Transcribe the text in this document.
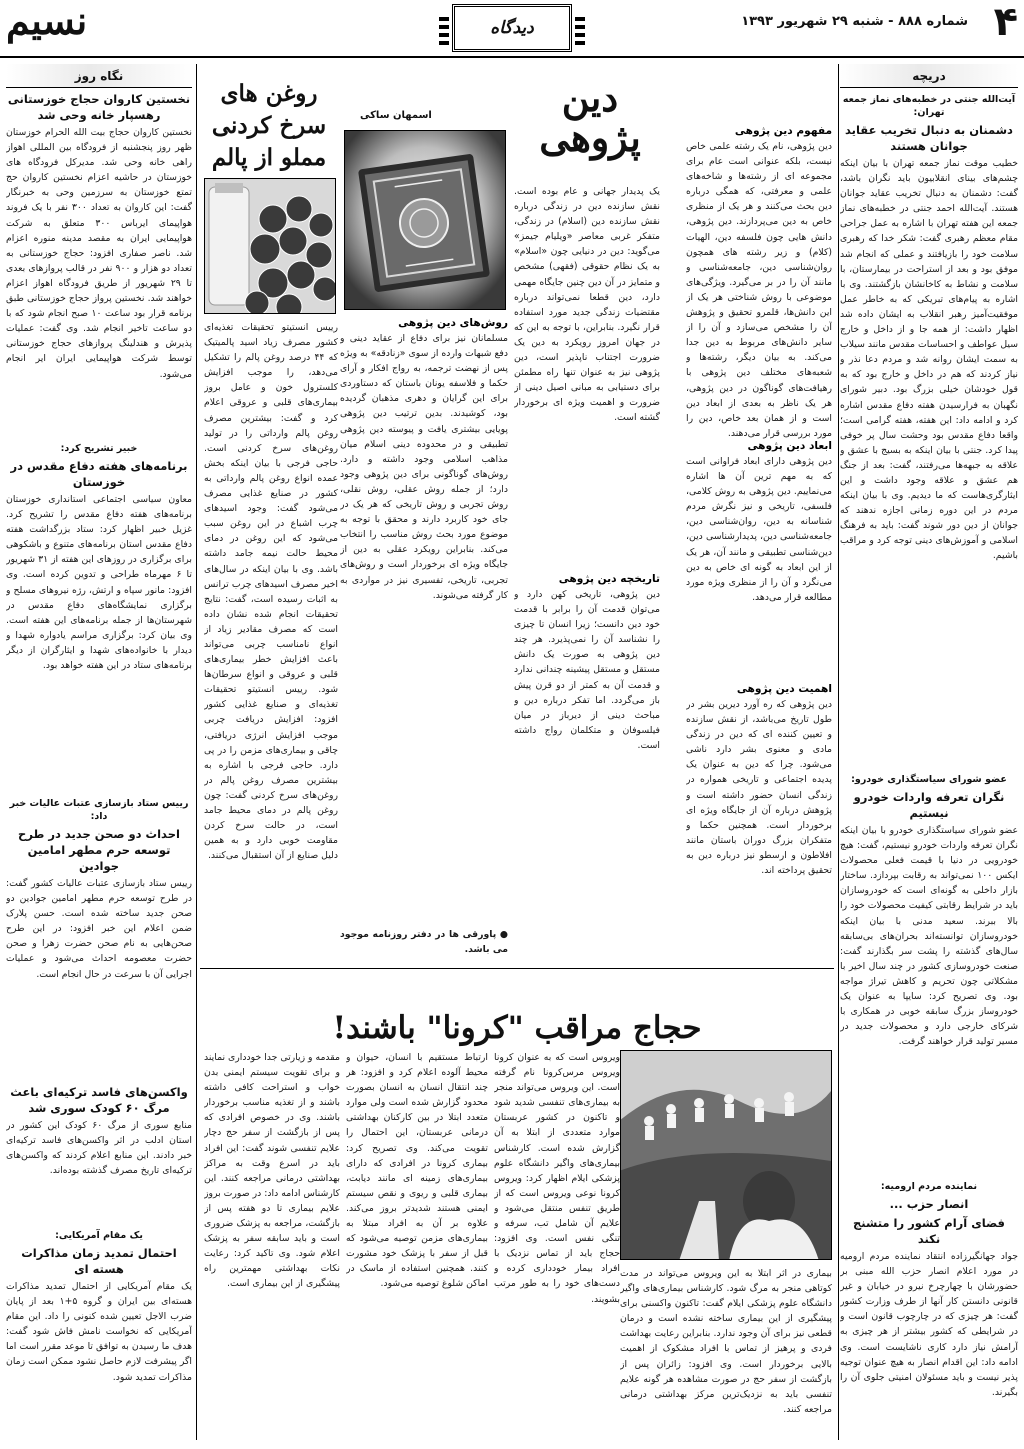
۴
شماره ۸۸۸ - شنبه ۲۹ شهریور ۱۳۹۳
دیدگاه
نسیم
دریچه
آیت‌الله جنتی در خطبه‌های نماز جمعه تهران:
دشمنان به دنبال تخریب عقاید جوانان هستند
خطیب موقت نماز جمعه تهران با بیان اینکه چشم‌های بینای انقلابیون باید نگران باشد، گفت: دشمنان به دنبال تخریب عقاید جوانان هستند. آیت‌الله احمد جنتی در خطبه‌های نماز جمعه این هفته تهران با اشاره به عمل جراحی مقام معظم رهبری گفت: شکر خدا که رهبری سلامت خود را بازیافتند و عملی که انجام شد موفق بود و بعد از استراحت در بیمارستان، با سلامت و نشاط به کاخانشان بازگشتند. وی با اشاره به پیام‌های تبریکی که به خاطر عمل موفقیت‌آمیز رهبر انقلاب به ایشان داده شد اظهار داشت: از همه جا و از داخل و خارج سیل عواطف و احساسات مقدس مانند سیلاب به سمت ایشان روانه شد و مردم دعا نذر و نیاز کردند که هم در داخل و خارج بود که به قول خودشان خیلی بزرگ بود. دبیر شورای نگهبان به فرارسیدن هفته دفاع مقدس اشاره کرد و ادامه داد: این هفته، هفته گرامی است؛ واقعا دفاع مقدس بود وحشت سال پر خوفی پیدا کرد. جنتی با بیان اینکه به بسیج با عشق و علاقه به جبهه‌ها می‌رفتند، گفت: بعد از جنگ هم عشق و علاقه وجود داشت و این ایثارگری‌هاست که ما دیدیم. وی با بیان اینکه مردم در این دوره زمانی اجازه ندهند که جوانان از دین دور شوند گفت: باید به فرهنگ اسلامی و آموزش‌های دینی توجه کرد و مراقب باشیم.
عضو شورای سیاستگذاری خودرو:
نگران تعرفه واردات خودرو نیستیم
عضو شورای سیاستگذاری خودرو با بیان اینکه نگران تعرفه واردات خودرو نیستیم، گفت: هیچ خودرویی در دنیا با قیمت فعلی محصولات ایکس ۱۰۰ نمی‌تواند به رقابت بپردازد. ساختار بازار داخلی به گونه‌ای است که خودروسازان باید در شرایط رقابتی کیفیت محصولات خود را بالا ببرند. سعید مدنی با بیان اینکه خودروسازان توانسته‌اند بحران‌های بی‌سابقه سال‌های گذشته را پشت سر بگذارند گفت: صنعت خودروسازی کشور در چند سال اخیر با مشکلاتی چون تحریم و کاهش تیراژ مواجه بود. وی تصریح کرد: سایپا به عنوان یک خودروساز بزرگ سابقه خوبی در همکاری با شرکای خارجی دارد و محصولات جدید در مسیر تولید قرار خواهند گرفت.
نماینده مردم ارومیه:
انصار حزب ...
فضای آرام کشور را متشنج نکند
جواد جهانگیرزاده انتقاد نماینده مردم ارومیه در مورد اعلام انصار حزب الله مبنی بر حضورشان با چهارچرخ نیرو در خیابان و غیر قانونی دانستن کار آنها از طرف وزارت کشور گفت: هر چیزی که در چارچوب قانون است و در شرایطی که کشور بیشتر از هر چیزی به آرامش نیاز دارد کاری ناشایست است. وی ادامه داد: این اقدام انصار به هیچ عنوان توجیه پذیر نیست و باید مسئولان امنیتی جلوی آن را بگیرند.
دین پژوهی
اسمهان ساکی
مفهوم دین پژوهی
دین پژوهی، نام یک رشته علمی خاص نیست، بلکه عنوانی است عام برای مجموعه ای از رشته‌ها و شاخه‌های علمی و معرفتی، که همگی درباره دین بحث می‌کنند و هر یک از منظری خاص به دین می‌پردازند. دین پژوهی، دانش هایی چون فلسفه دین، الهیات (کلام) و زیر رشته های همچون روان‌شناسی دین، جامعه‌شناسی و مانند آن را در بر می‌گیرد. ویژگی‌های موضوعی با روش شناختی هر یک از این دانش‌ها، قلمرو تحقیق و پژوهش آن را مشخص می‌سازد و آن را از سایر دانش‌های مربوط به دین جدا می‌کند. به بیان دیگر، رشته‌ها و شعبه‌های مختلف دین پژوهی با رهیافت‌های گوناگون در دین پژوهی، هر یک ناظر به بعدی از ابعاد دین است و از همان بعد خاص، دین را مورد بررسی قرار می‌دهند.
ابعاد دین پژوهی
دین پژوهی دارای ابعاد فراوانی است که به مهم ترین آن ها اشاره می‌نماییم. دین پژوهی به روش کلامی، فلسفی، تاریخی و نیز نگرش مردم شناسانه به دین، روان‌شناسی دین، جامعه‌شناسی دین، پدیدارشناسی دین، دین‌شناسی تطبیقی و مانند آن، هر یک از این ابعاد به گونه ای خاص به دین می‌نگرد و آن را از منظری ویژه مورد مطالعه قرار می‌دهد.
اهمیت دین پژوهی
دین پژوهی که ره آورد دیرین بشر در طول تاریخ می‌باشد، از نقش سازنده و تعیین کننده ای که دین در زندگی مادی و معنوی بشر دارد ناشی می‌شود. چرا که دین به عنوان یک پدیده اجتماعی و تاریخی همواره در زندگی انسان حضور داشته است و پژوهش درباره آن از جایگاه ویژه ای برخوردار است. همچنین حکما و متفکران بزرگ دوران باستان مانند افلاطون و ارسطو نیز درباره دین به تحقیق پرداخته اند.
یک پدیدار جهانی و عام بوده است. نقش سازنده دین در زندگی درباره نقش سازنده دین (اسلام) در زندگی، متفکر غربی معاصر «ویلیام جیمز» می‌گوید: دین در دنیایی چون «اسلام» به یک نظام حقوقی (فقهی) مشخص و متمایز در آن دین چنین جایگاه مهمی دارد، دین قطعا نمی‌تواند درباره مقتضیات زندگی جدید مورد استفاده قرار نگیرد. بنابراین، با توجه به این که در جهان امروز رویکرد به دین یک ضرورت اجتناب ناپذیر است، دین پژوهی نیز به عنوان تنها راه مطمئن برای دستیابی به مبانی اصیل دینی از ضرورت و اهمیت ویژه ای برخوردار گشته است.
تاریخچه دین پژوهی
دین پژوهی، تاریخی کهن دارد و می‌توان قدمت آن را برابر با قدمت خود دین دانست؛ زیرا انسان تا چیزی را نشناسد آن را نمی‌پذیرد. هر چند دین پژوهی به صورت یک دانش مستقل و مستقل پیشینه چندانی ندارد و قدمت آن به کمتر از دو قرن پیش باز می‌گردد. اما تفکر درباره دین و مباحث دینی از دیرباز در میان فیلسوفان و متکلمان رواج داشته است.
روش‌های دین پژوهی
مسلمانان نیز برای دفاع از عقاید دینی و دفع شبهات وارده از سوی «زنادقه» به ویژه پس از نهضت ترجمه، به رواج افکار و آرای حکما و فلاسفه یونان باستان که دستاوردی برای این گرایان و دهری مذهبان گردیده بود، کوشیدند. بدین ترتیب دین پژوهی پویایی بیشتری یافت و پیوسته دین پژوهی تطبیقی و در محدوده دینی اسلام میان مذاهب اسلامی وجود داشته و دارد. روش‌های گوناگونی برای دین پژوهی وجود دارد؛ از جمله روش عقلی، روش نقلی، روش تجربی و روش تاریخی که هر یک در جای خود کاربرد دارند و محقق با توجه به موضوع مورد بحث روش مناسب را انتخاب می‌کند. بنابراین رویکرد عقلی به دین از جایگاه ویژه ای برخوردار است و روش‌های تجربی، تاریخی، تفسیری نیز در مواردی به کار گرفته می‌شوند.
● پاورقی ها در دفتر روزنامه موجود می باشد.
روغن های
سرخ کردنی
مملو از پالم
رییس انستیتو تحقیقات تغذیه‌ای کشور مصرف زیاد اسید پالمیتیک که ۴۴ درصد روغن پالم را تشکیل می‌دهد، را موجب افزایش کلسترول خون و عامل بروز بیماری‌های قلبی و عروقی اعلام کرد و گفت: بیشترین مصرف روغن پالم وارداتی را در تولید روغن‌های سرخ کردنی است. حاجی فرجی با بیان اینکه بخش عمده انواع روغن پالم وارداتی به کشور در صنایع غذایی مصرف می‌شود گفت: وجود اسیدهای چرب اشباع در این روغن سبب می‌شود که این روغن در دمای محیط حالت نیمه جامد داشته باشد. وی با بیان اینکه در سال‌های اخیر مصرف اسیدهای چرب ترانس به اثبات رسیده است، گفت: نتایج تحقیقات انجام شده نشان داده است که مصرف مقادیر زیاد از انواع نامناسب چربی می‌تواند باعث افزایش خطر بیماری‌های قلبی و عروقی و انواع سرطان‌ها شود. رییس انستیتو تحقیقات تغذیه‌ای و صنایع غذایی کشور افزود: افزایش دریافت چربی موجب افزایش انرژی دریافتی، چاقی و بیماری‌های مزمن را در پی دارد. حاجی فرجی با اشاره به بیشترین مصرف روغن پالم در روغن‌های سرخ کردنی گفت: چون روغن پالم در دمای محیط جامد است، در حالت سرخ کردن مقاومت خوبی دارد و به همین دلیل صنایع از آن استقبال می‌کنند.
نگاه روز
نخستین کاروان حجاج خوزستانی رهسپار خانه وحی شد
نخستین کاروان حجاج بیت الله الحرام خوزستان ظهر روز پنجشنبه از فرودگاه بین المللی اهواز راهی خانه وحی شد. مدیرکل فرودگاه های خوزستان در حاشیه اعزام نخستین کاروان حج تمتع خوزستان به سرزمین وحی به خبرنگار گفت: این کاروان به تعداد ۳۰۰ نفر با یک فروند هواپیمای ایرباس ۳۰۰ متعلق به شرکت هواپیمایی ایران به مقصد مدینه منوره اعزام شد. ناصر صفاری افزود: حجاج خوزستانی به تعداد دو هزار و ۹۰۰ نفر در قالب پروازهای بعدی تا ۲۹ شهریور از طریق فرودگاه اهواز اعزام خواهند شد. نخستین پرواز حجاج خوزستانی طبق برنامه قرار بود ساعت ۱۰ صبح انجام شود که با دو ساعت تاخیر انجام شد. وی گفت: عملیات پذیرش و هندلینگ پروازهای حجاج خوزستانی توسط شرکت هواپیمایی ایران ایر انجام می‌شود.
خبیر تشریح کرد:
برنامه‌های هفته دفاع مقدس در خوزستان
معاون سیاسی اجتماعی استانداری خوزستان برنامه‌های هفته دفاع مقدس را تشریح کرد. غزیل خبیر اظهار کرد: ستاد بزرگداشت هفته دفاع مقدس استان برنامه‌های متنوع و باشکوهی برای برگزاری در روزهای این هفته از ۳۱ شهریور تا ۶ مهرماه طراحی و تدوین کرده است. وی افزود: مانور سپاه و ارتش، رژه نیروهای مسلح و برگزاری نمایشگاه‌های دفاع مقدس در شهرستان‌ها از جمله برنامه‌های این هفته است. وی بیان کرد: برگزاری مراسم یادواره شهدا و دیدار با خانواده‌های شهدا و ایثارگران از دیگر برنامه‌های ستاد در این هفته خواهد بود.
رییس ستاد بازسازی عتبات عالیات خبر داد:
احداث دو صحن جدید در طرح توسعه حرم مطهر امامین جوادین
رییس ستاد بازسازی عتبات عالیات کشور گفت: در طرح توسعه حرم مطهر امامین جوادین دو صحن جدید ساخته شده است. حسن پلارک ضمن اعلام این خبر افزود: در این طرح صحن‌هایی به نام صحن حضرت زهرا و صحن حضرت معصومه احداث می‌شود و عملیات اجرایی آن با سرعت در حال انجام است.
واکسن‌های فاسد ترکیه‌ای باعث مرگ ۶۰ کودک سوری شد
منابع سوری از مرگ ۶۰ کودک این کشور در استان ادلب در اثر واکسن‌های فاسد ترکیه‌ای خبر دادند. این منابع اعلام کردند که واکسن‌های ترکیه‌ای تاریخ مصرف گذشته بوده‌اند.
یک مقام آمریکایی:
احتمال تمدید زمان مذاکرات هسته ای
یک مقام آمریکایی از احتمال تمدید مذاکرات هسته‌ای بین ایران و گروه ۵+۱ بعد از پایان ضرب الاجل تعیین شده کنونی را داد. این مقام آمریکایی که نخواست نامش فاش شود گفت: هدف ما رسیدن به توافق تا موعد مقرر است اما اگر پیشرفت لازم حاصل نشود ممکن است زمان مذاکرات تمدید شود.
حجاج مراقب "کرونا" باشند!
ویروس است که به عنوان کرونا ویروس مرس‌کرونا نام گرفته است. این ویروس می‌تواند منجر به بیماری‌های تنفسی شدید شود و تاکنون در کشور عربستان موارد متعددی از ابتلا به آن گزارش شده است. کارشناس بیماری‌های واگیر دانشگاه علوم پزشکی ایلام اظهار کرد: ویروس کرونا نوعی ویروس است که از طریق تنفس منتقل می‌شود و علایم آن شامل تب، سرفه و تنگی نفس است. وی افزود: حجاج باید از تماس نزدیک با افراد بیمار خودداری کرده و دست‌های خود را به طور مرتب بشویند.
ارتباط مستقیم با انسان، حیوان و محیط آلوده اعلام کرد و افزود: هر چند انتقال انسان به انسان بصورت محدود گزارش شده است ولی موارد متعدد ابتلا در بین کارکنان بهداشتی درمانی عربستان، این احتمال را تقویت می‌کند. وی تصریح کرد: بیماری کرونا در افرادی که دارای بیماری‌های زمینه ای مانند دیابت، بیماری قلبی و ریوی و نقص سیستم ایمنی هستند شدیدتر بروز می‌کند. علاوه بر آن به افراد مبتلا به بیماری‌های مزمن توصیه می‌شود که قبل از سفر با پزشک خود مشورت کنند. همچنین استفاده از ماسک در اماکن شلوغ توصیه می‌شود.
مقدمه و زیارتی جدا خودداری نمایند و برای تقویت سیستم ایمنی بدن خواب و استراحت کافی داشته باشند و از تغذیه مناسب برخوردار باشند. وی در خصوص افرادی که پس از بازگشت از سفر حج دچار علایم تنفسی شوند گفت: این افراد باید در اسرع وقت به مراکز بهداشتی درمانی مراجعه کنند. این کارشناس ادامه داد: در صورت بروز علایم بیماری تا دو هفته پس از بازگشت، مراجعه به پزشک ضروری است و باید سابقه سفر به پزشک اعلام شود. وی تاکید کرد: رعایت نکات بهداشتی مهمترین راه پیشگیری از این بیماری است.
بیماری در اثر ابتلا به این ویروس می‌تواند در مدت کوتاهی منجر به مرگ شود. کارشناس بیماری‌های واگیر دانشگاه علوم پزشکی ایلام گفت: تاکنون واکسنی برای پیشگیری از این بیماری ساخته نشده است و درمان قطعی نیز برای آن وجود ندارد. بنابراین رعایت بهداشت فردی و پرهیز از تماس با افراد مشکوک از اهمیت بالایی برخوردار است. وی افزود: زائران پس از بازگشت از سفر حج در صورت مشاهده هر گونه علایم تنفسی باید به نزدیک‌ترین مرکز بهداشتی درمانی مراجعه کنند.
